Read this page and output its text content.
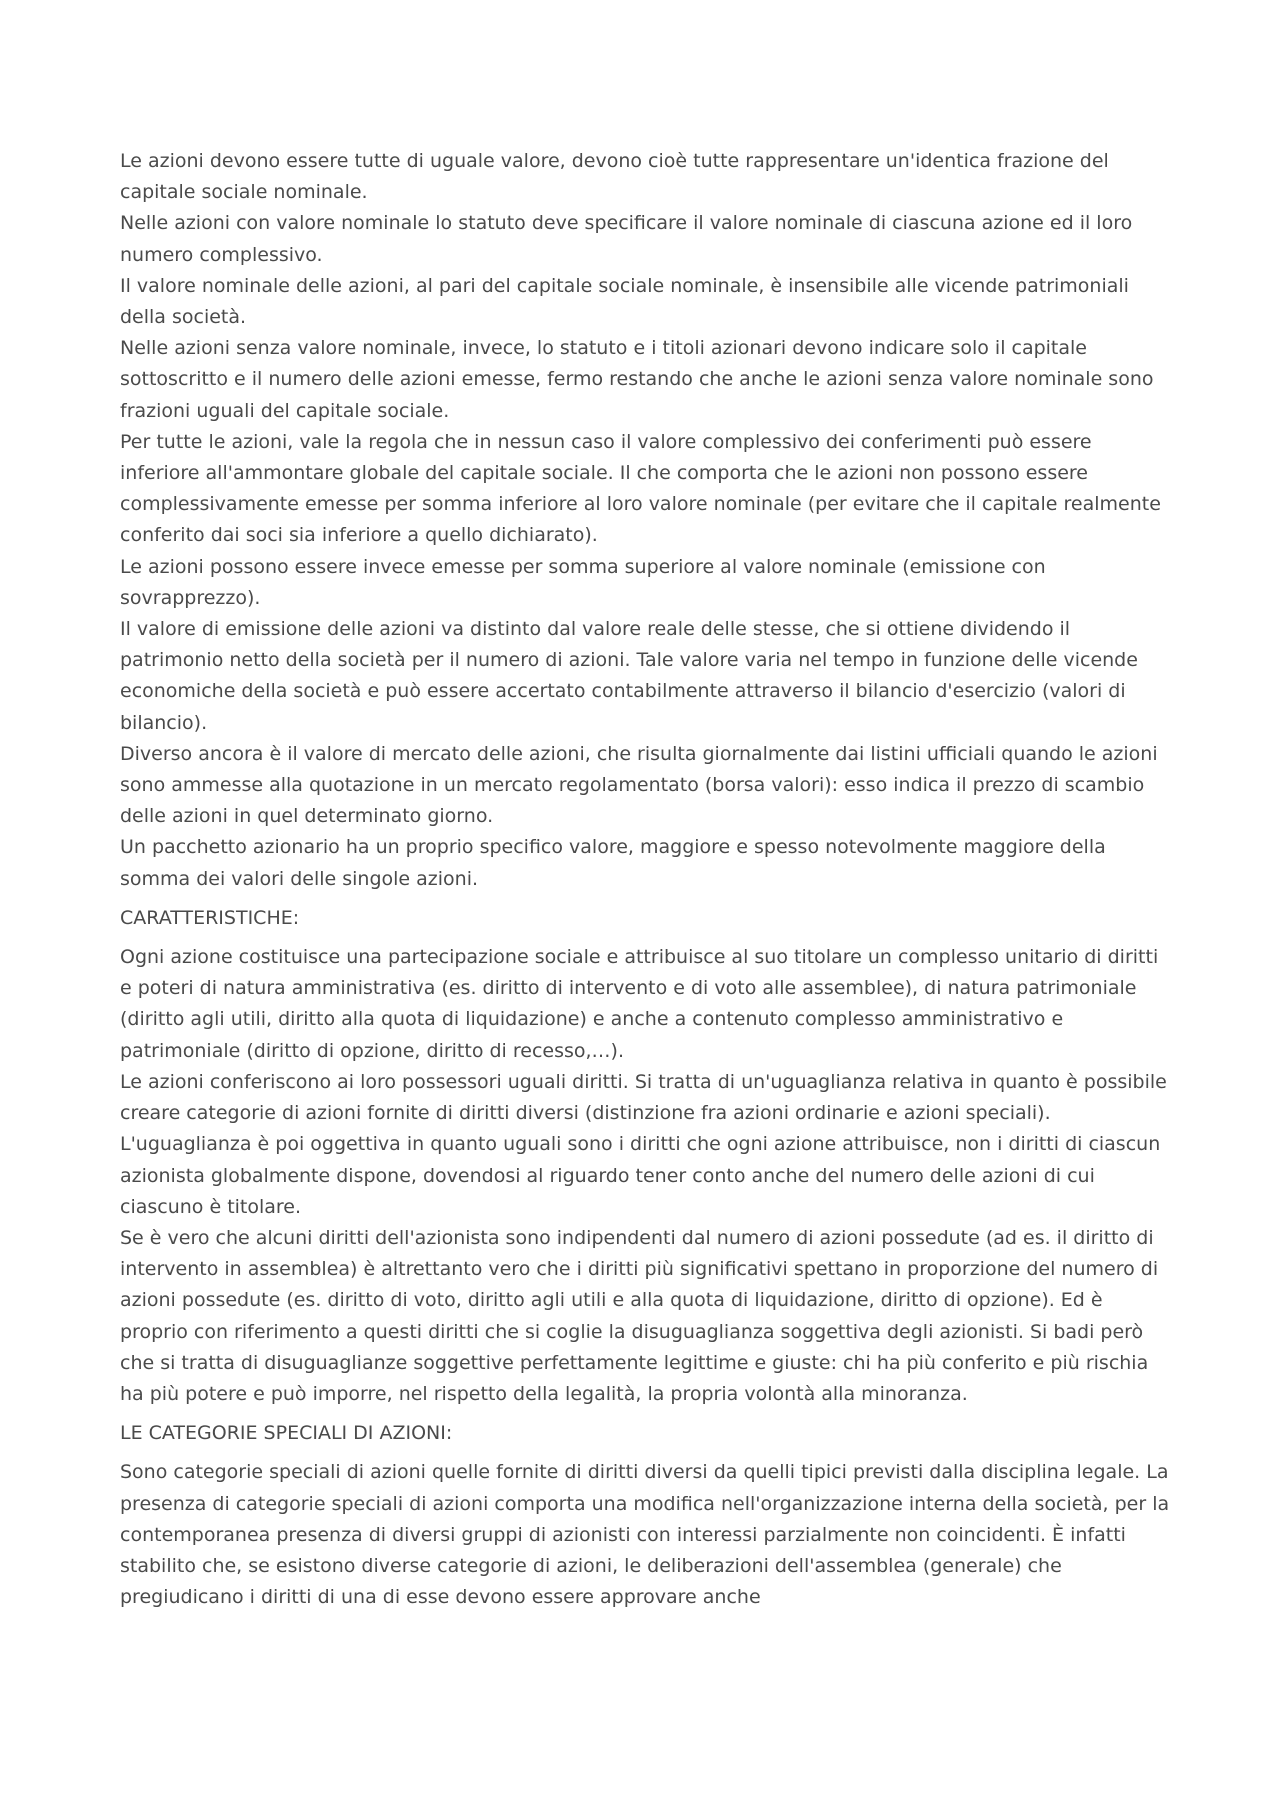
Le azioni devono essere tutte di uguale valore, devono cioè tutte rappresentare un'identica frazione del capitale sociale nominale.

Nelle azioni con valore nominale lo statuto deve specificare il valore nominale di ciascuna azione ed il loro numero complessivo.

Il valore nominale delle azioni, al pari del capitale sociale nominale, è insensibile alle vicende patrimoniali della società.

Nelle azioni senza valore nominale, invece, lo statuto e i titoli azionari devono indicare solo il capitale sottoscritto e il numero delle azioni emesse, fermo restando che anche le azioni senza valore nominale sono frazioni uguali del capitale sociale.

Per tutte le azioni, vale la regola che in nessun caso il valore complessivo dei conferimenti può essere inferiore all'ammontare globale del capitale sociale. Il che comporta che le azioni non possono essere complessivamente emesse per somma inferiore al loro valore nominale (per evitare che il capitale realmente conferito dai soci sia inferiore a quello dichiarato).

Le azioni possono essere invece emesse per somma superiore al valore nominale (emissione con sovrapprezzo).

Il valore di emissione delle azioni va distinto dal valore reale delle stesse, che si ottiene dividendo il patrimonio netto della società per il numero di azioni. Tale valore varia nel tempo in funzione delle vicende economiche della società e può essere accertato contabilmente attraverso il bilancio d'esercizio (valori di bilancio).

Diverso ancora è il valore di mercato delle azioni, che risulta giornalmente dai listini ufficiali quando le azioni sono ammesse alla quotazione in un mercato regolamentato (borsa valori): esso indica il prezzo di scambio delle azioni in quel determinato giorno.

Un pacchetto azionario ha un proprio specifico valore, maggiore e spesso notevolmente maggiore della somma dei valori delle singole azioni.

CARATTERISTICHE:

Ogni azione costituisce una partecipazione sociale e attribuisce al suo titolare un complesso unitario di diritti e poteri di natura amministrativa (es. diritto di intervento e di voto alle assemblee), di natura patrimoniale (diritto agli utili, diritto alla quota di liquidazione) e anche a contenuto complesso amministrativo e patrimoniale (diritto di opzione, diritto di recesso,…).

Le azioni conferiscono ai loro possessori uguali diritti. Si tratta di un'uguaglianza relativa in quanto è possibile creare categorie di azioni fornite di diritti diversi (distinzione fra azioni ordinarie e azioni speciali). L'uguaglianza è poi oggettiva in quanto uguali sono i diritti che ogni azione attribuisce, non i diritti di ciascun azionista globalmente dispone, dovendosi al riguardo tener conto anche del numero delle azioni di cui ciascuno è titolare.

Se è vero che alcuni diritti dell'azionista sono indipendenti dal numero di azioni possedute (ad es. il diritto di intervento in assemblea) è altrettanto vero che i diritti più significativi spettano in proporzione del numero di azioni possedute (es. diritto di voto, diritto agli utili e alla quota di liquidazione, diritto di opzione). Ed è proprio con riferimento a questi diritti che si coglie la disuguaglianza soggettiva degli azionisti. Si badi però che si tratta di disuguaglianze soggettive perfettamente legittime e giuste: chi ha più conferito e più rischia ha più potere e può imporre, nel rispetto della legalità, la propria volontà alla minoranza.

LE CATEGORIE SPECIALI DI AZIONI:

Sono categorie speciali di azioni quelle fornite di diritti diversi da quelli tipici previsti dalla disciplina legale. La presenza di categorie speciali di azioni comporta una modifica nell'organizzazione interna della società, per la contemporanea presenza di diversi gruppi di azionisti con interessi parzialmente non coincidenti. È infatti stabilito che, se esistono diverse categorie di azioni, le deliberazioni dell'assemblea (generale) che pregiudicano i diritti di una di esse devono essere approvare anche
